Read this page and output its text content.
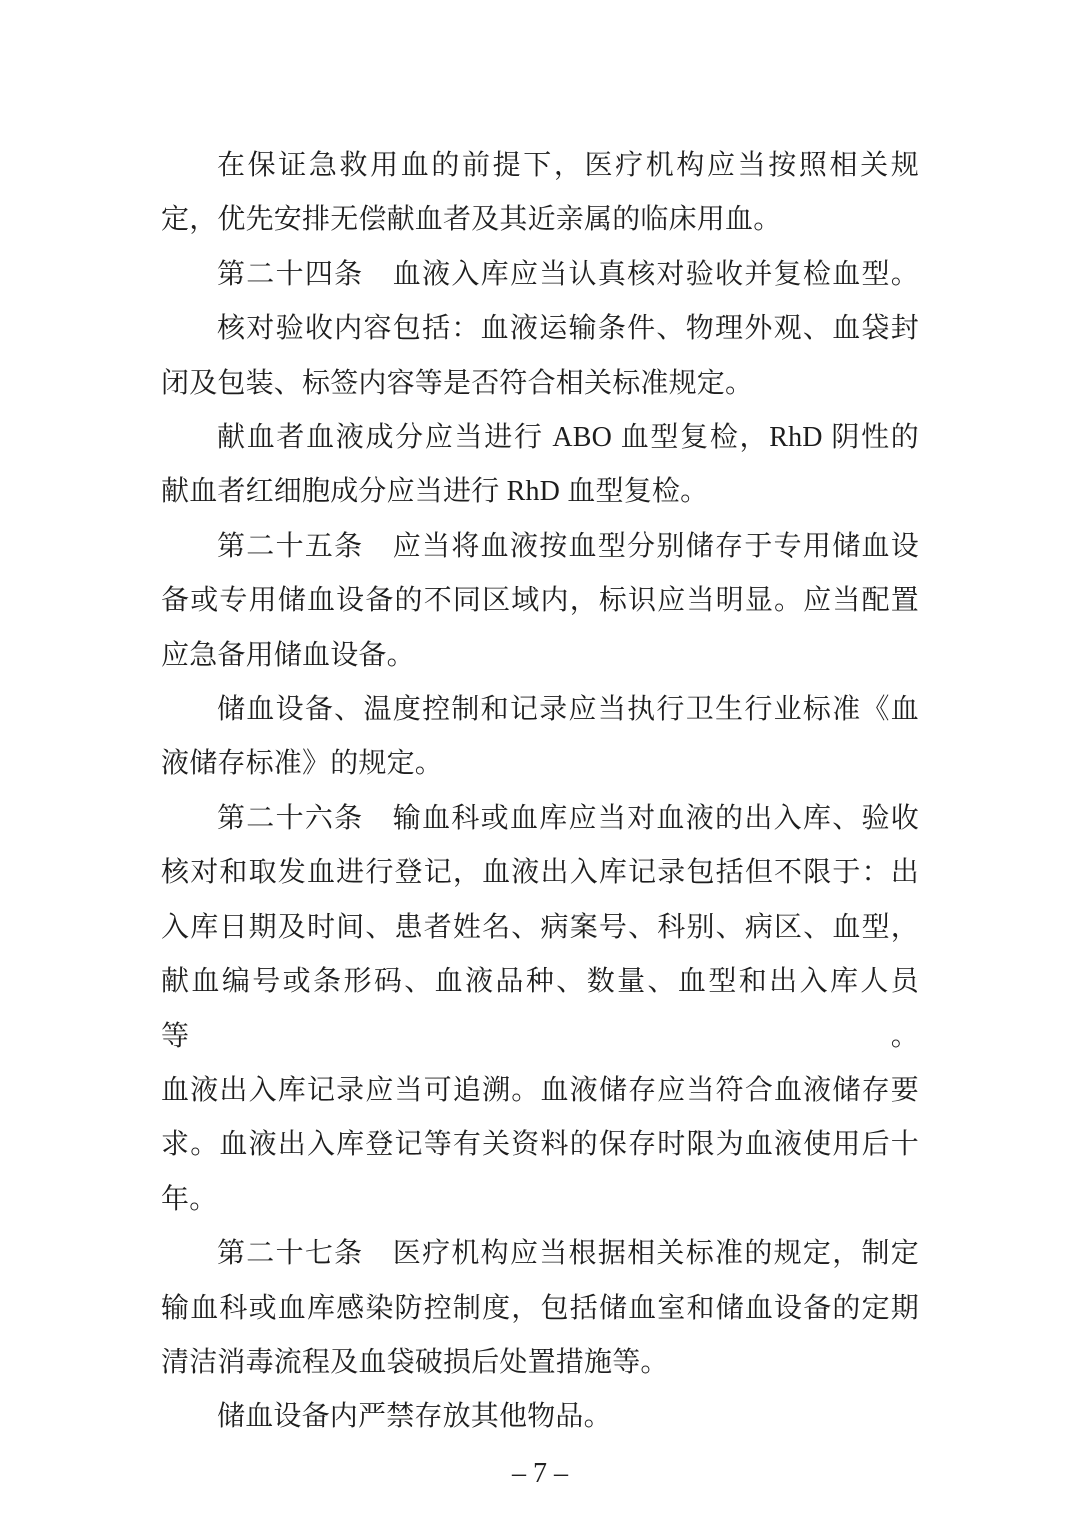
在保证急救用血的前提下，医疗机构应当按照相关规
定，优先安排无偿献血者及其近亲属的临床用血。
第二十四条　血液入库应当认真核对验收并复检血型。
核对验收内容包括：血液运输条件、物理外观、血袋封
闭及包装、标签内容等是否符合相关标准规定。
献血者血液成分应当进行 ABO 血型复检，RhD 阴性的
献血者红细胞成分应当进行 RhD 血型复检。
第二十五条　应当将血液按血型分别储存于专用储血设
备或专用储血设备的不同区域内，标识应当明显。应当配置
应急备用储血设备。
储血设备、温度控制和记录应当执行卫生行业标准《血
液储存标准》的规定。
第二十六条　输血科或血库应当对血液的出入库、验收
核对和取发血进行登记，血液出入库记录包括但不限于：出
入库日期及时间、患者姓名、病案号、科别、病区、血型，
献血编号或条形码、血液品种、数量、血型和出入库人员等。
血液出入库记录应当可追溯。血液储存应当符合血液储存要
求。血液出入库登记等有关资料的保存时限为血液使用后十
年。
第二十七条　医疗机构应当根据相关标准的规定，制定
输血科或血库感染防控制度，包括储血室和储血设备的定期
清洁消毒流程及血袋破损后处置措施等。
储血设备内严禁存放其他物品。
– 7 –
